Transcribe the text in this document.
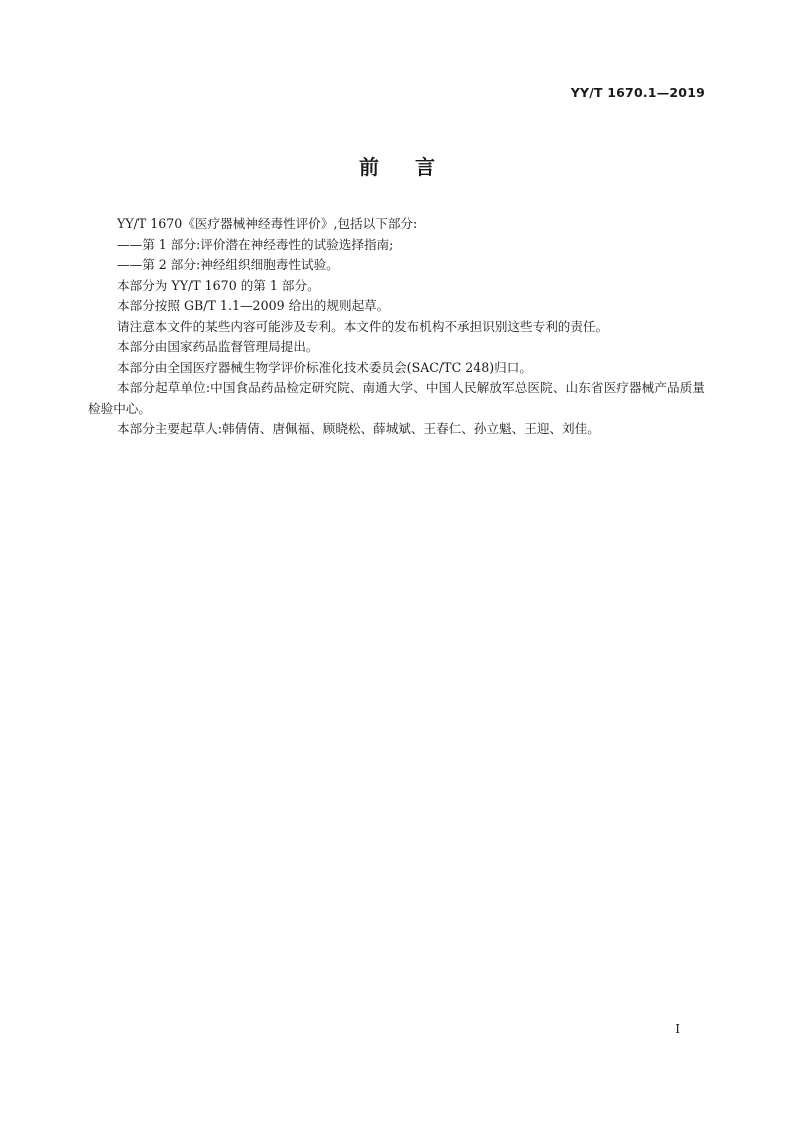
YY/T 1670.1—2019
前 言

YY/T 1670《医疗器械神经毒性评价》,包括以下部分:

——第 1 部分:评价潜在神经毒性的试验选择指南;

——第 2 部分:神经组织细胞毒性试验。

本部分为 YY/T 1670 的第 1 部分。

本部分按照 GB/T 1.1—2009 给出的规则起草。

请注意本文件的某些内容可能涉及专利。本文件的发布机构不承担识别这些专利的责任。

本部分由国家药品监督管理局提出。

本部分由全国医疗器械生物学评价标准化技术委员会(SAC/TC 248)归口。

本部分起草单位:中国食品药品检定研究院、南通大学、中国人民解放军总医院、山东省医疗器械产品质量检验中心。

本部分主要起草人:韩倩倩、唐佩福、顾晓松、薛城斌、王春仁、孙立魁、王迎、刘佳。

I
